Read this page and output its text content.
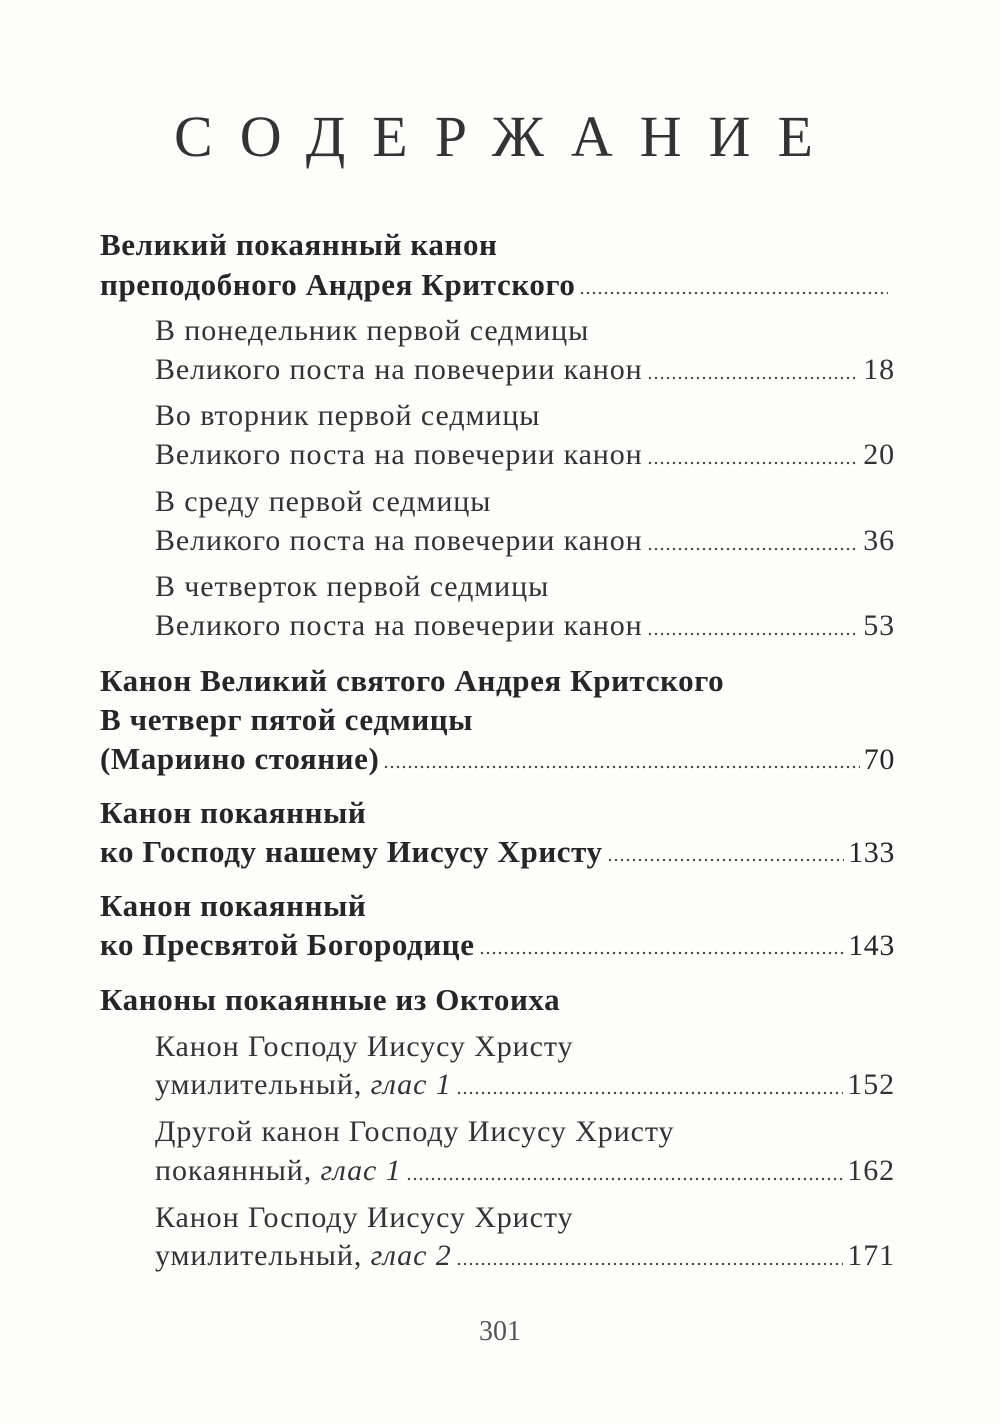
СОДЕРЖАНИЕ
Великий покаянный канон
преподобного Андрея Критского
В понедельник первой седмицы
Великого поста на повечерии канон	18
Во вторник первой седмицы
Великого поста на повечерии канон	20
В среду первой седмицы
Великого поста на повечерии канон	36
В четверток первой седмицы
Великого поста на повечерии канон	53
Канон Великий святого Андрея Критского
В четверг пятой седмицы
(Мариино стояние)	70
Канон покаянный
ко Господу нашему Иисусу Христу	133
Канон покаянный
ко Пресвятой Богородице	143
Каноны покаянные из Октоиха
Канон Господу Иисусу Христу
умилительный,
глас 1	152
Другой канон Господу Иисусу Христу
покаянный,
глас 1	162
Канон Господу Иисусу Христу
умилительный,
глас 2	171
301
